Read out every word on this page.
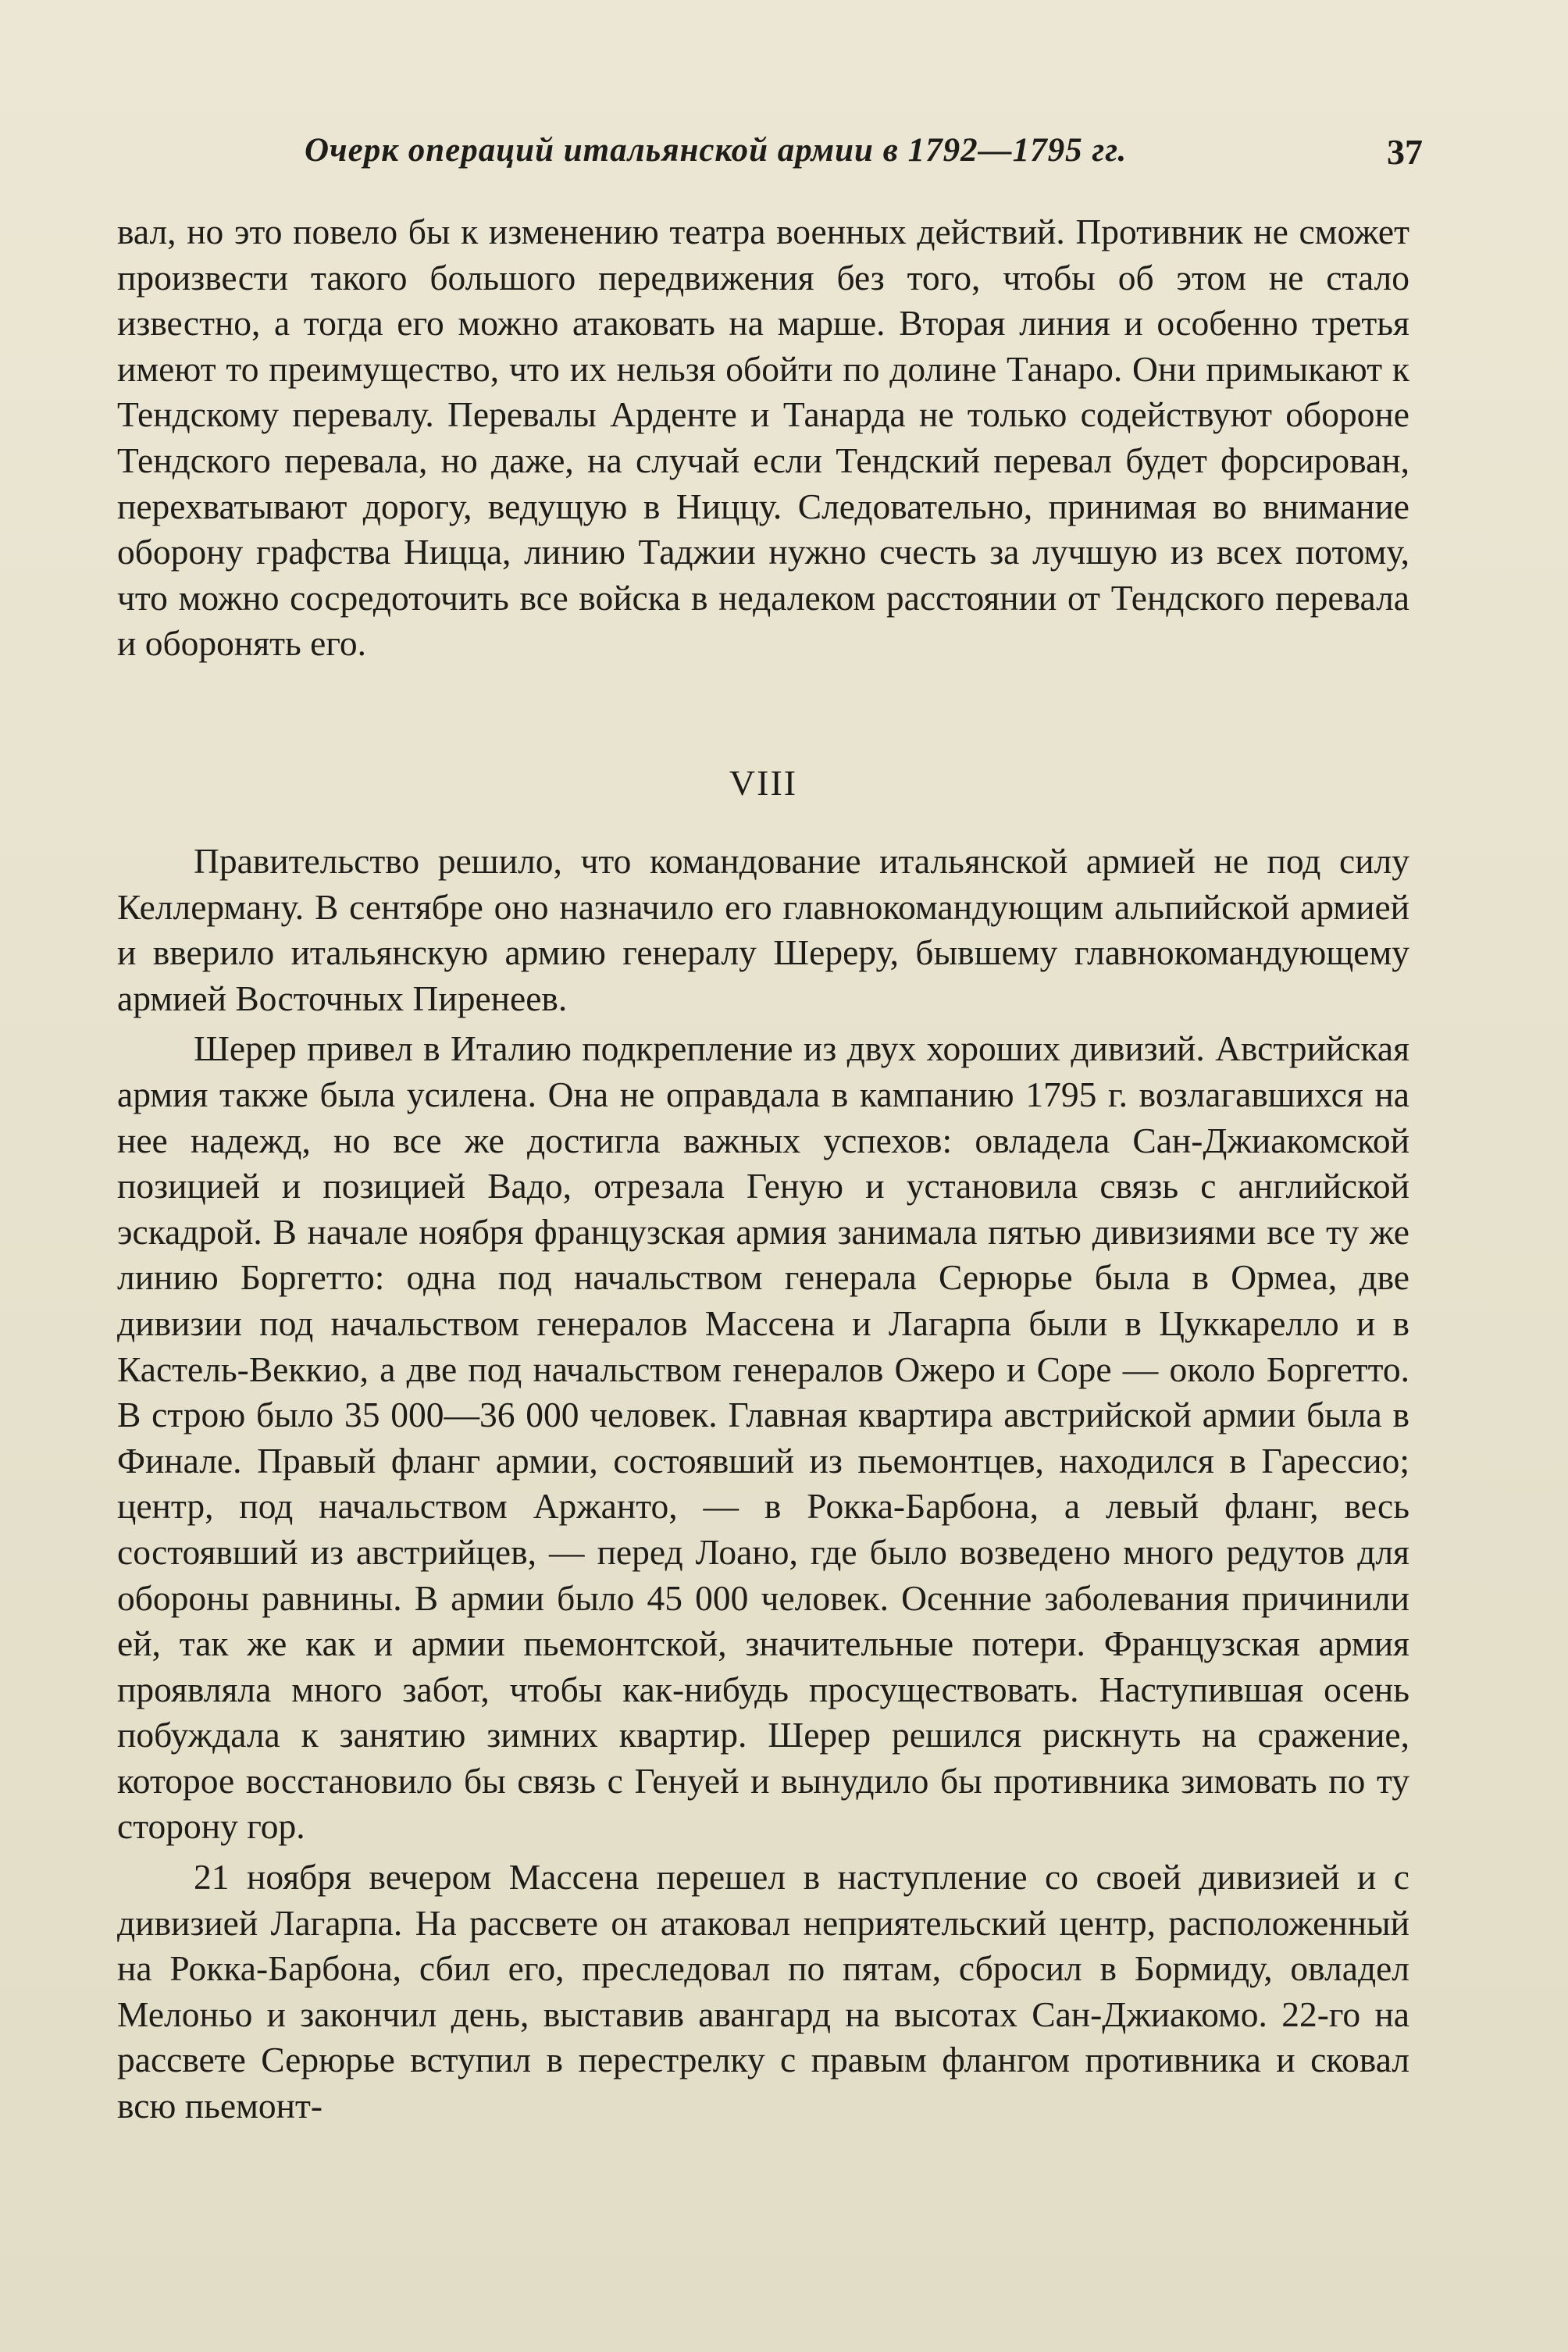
Очерк операций итальянской армии в 1792—1795 гг.	37

вал, но это повело бы к изменению театра военных действий. Противник не сможет произвести такого большого передвижения без того, чтобы об этом не стало известно, а тогда его можно атаковать на марше. Вторая линия и особенно третья имеют то преимущество, что их нельзя обойти по долине Танаро. Они примыкают к Тендскому перевалу. Перевалы Арденте и Танарда не только содействуют обороне Тендского перевала, но даже, на случай если Тендский перевал будет форсирован, перехватывают дорогу, ведущую в Ниццу. Следовательно, принимая во внимание оборону графства Ницца, линию Таджии нужно счесть за лучшую из всех потому, что можно сосредоточить все войска в недалеком расстоянии от Тендского перевала и оборонять его.

VIII

Правительство решило, что командование итальянской армией не под силу Келлерману. В сентябре оно назначило его главнокомандующим альпийской армией и вверило итальянскую армию генералу Шереру, бывшему главнокомандующему армией Восточных Пиренеев.

Шерер привел в Италию подкрепление из двух хороших дивизий. Австрийская армия также была усилена. Она не оправдала в кампанию 1795 г. возлагавшихся на нее надежд, но все же достигла важных успехов: овладела Сан-Джиакомской позицией и позицией Вадо, отрезала Геную и установила связь с английской эскадрой. В начале ноября французская армия занимала пятью дивизиями все ту же линию Боргетто: одна под начальством генерала Серюрье была в Ормеа, две дивизии под начальством генералов Массена и Лагарпа были в Цуккарелло и в Кастель-Веккио, а две под начальством генералов Ожеро и Соре — около Боргетто. В строю было 35 000—36 000 человек. Главная квартира австрийской армии была в Финале. Правый фланг армии, состоявший из пьемонтцев, находился в Гарессио; центр, под начальством Аржанто, — в Рокка-Барбона, а левый фланг, весь состоявший из австрийцев, — перед Лоано, где было возведено много редутов для обороны равнины. В армии было 45 000 человек. Осенние заболевания причинили ей, так же как и армии пьемонтской, значительные потери. Французская армия проявляла много забот, чтобы как-нибудь просуществовать. Наступившая осень побуждала к занятию зимних квартир. Шерер решился рискнуть на сражение, которое восстановило бы связь с Генуей и вынудило бы противника зимовать по ту сторону гор.

21 ноября вечером Массена перешел в наступление со своей дивизией и с дивизией Лагарпа. На рассвете он атаковал неприятельский центр, расположенный на Рокка-Барбона, сбил его, преследовал по пятам, сбросил в Бормиду, овладел Мелоньо и закончил день, выставив авангард на высотах Сан-Джиакомо. 22-го на рассвете Серюрье вступил в перестрелку с правым флангом противника и сковал всю пьемонт-
